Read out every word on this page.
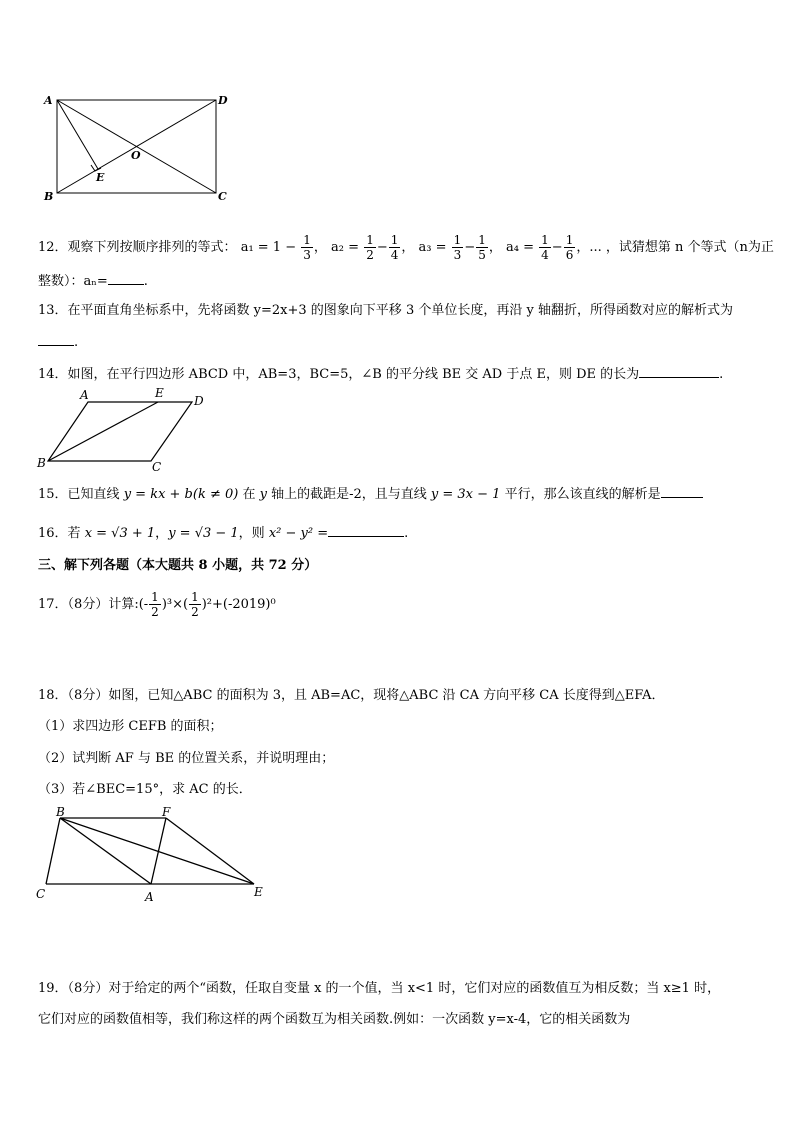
A	D
B	C
O
E
12．观察下列按顺序排列的等式： $a_1 = 1 - \frac{1}{3}$ ， $a_2 = \frac{1}{2} - \frac{1}{4}$ ， $a_3 = \frac{1}{3} - \frac{1}{5}$ ， $a_4 = \frac{1}{4} - \frac{1}{6}$ ，... ，试猜想第 n 个等式（n为正
整数）：aₙ=	.
13．在平面直角坐标系中，先将函数 y=2x+3 的图象向下平移 3 个单位长度，再沿 y 轴翻折，所得函数对应的解析式为
.
14．如图，在平行四边形 ABCD 中，AB=3，BC=5，∠B 的平分线 BE 交 AD 于点 E，则 DE 的长为	.
A	E
D
B	C
15．已知直线 y = kx + b(k ≠ 0) 在 y 轴上的截距是-2，且与直线 y = 3x − 1 平行，那么该直线的解析是
16．若 x = √3 + 1，y = √3 − 1，则 x² − y² =	.
三、解下列各题（本大题共 8 小题，共 72 分）
17．（8分）计算:(- $\frac{1}{2} )^3\times( \frac{1}{2} )^2+(-2019)^0$
18．（8分）如图，已知△ABC 的面积为 3，且 AB=AC，现将△ABC 沿 CA 方向平移 CA 长度得到△EFA．
（1）求四边形 CEFB 的面积；
（2）试判断 AF 与 BE 的位置关系，并说明理由；
（3）若∠BEC=15°，求 AC 的长．
B	F
C	A	E
19．（8分）对于给定的两个“函数，任取自变量 x 的一个值，当 x<1 时，它们对应的函数值互为相反数；当 x≥1 时，
它们对应的函数值相等，我们称这样的两个函数互为相关函数.例如：一次函数 y=x-4，它的相关函数为
